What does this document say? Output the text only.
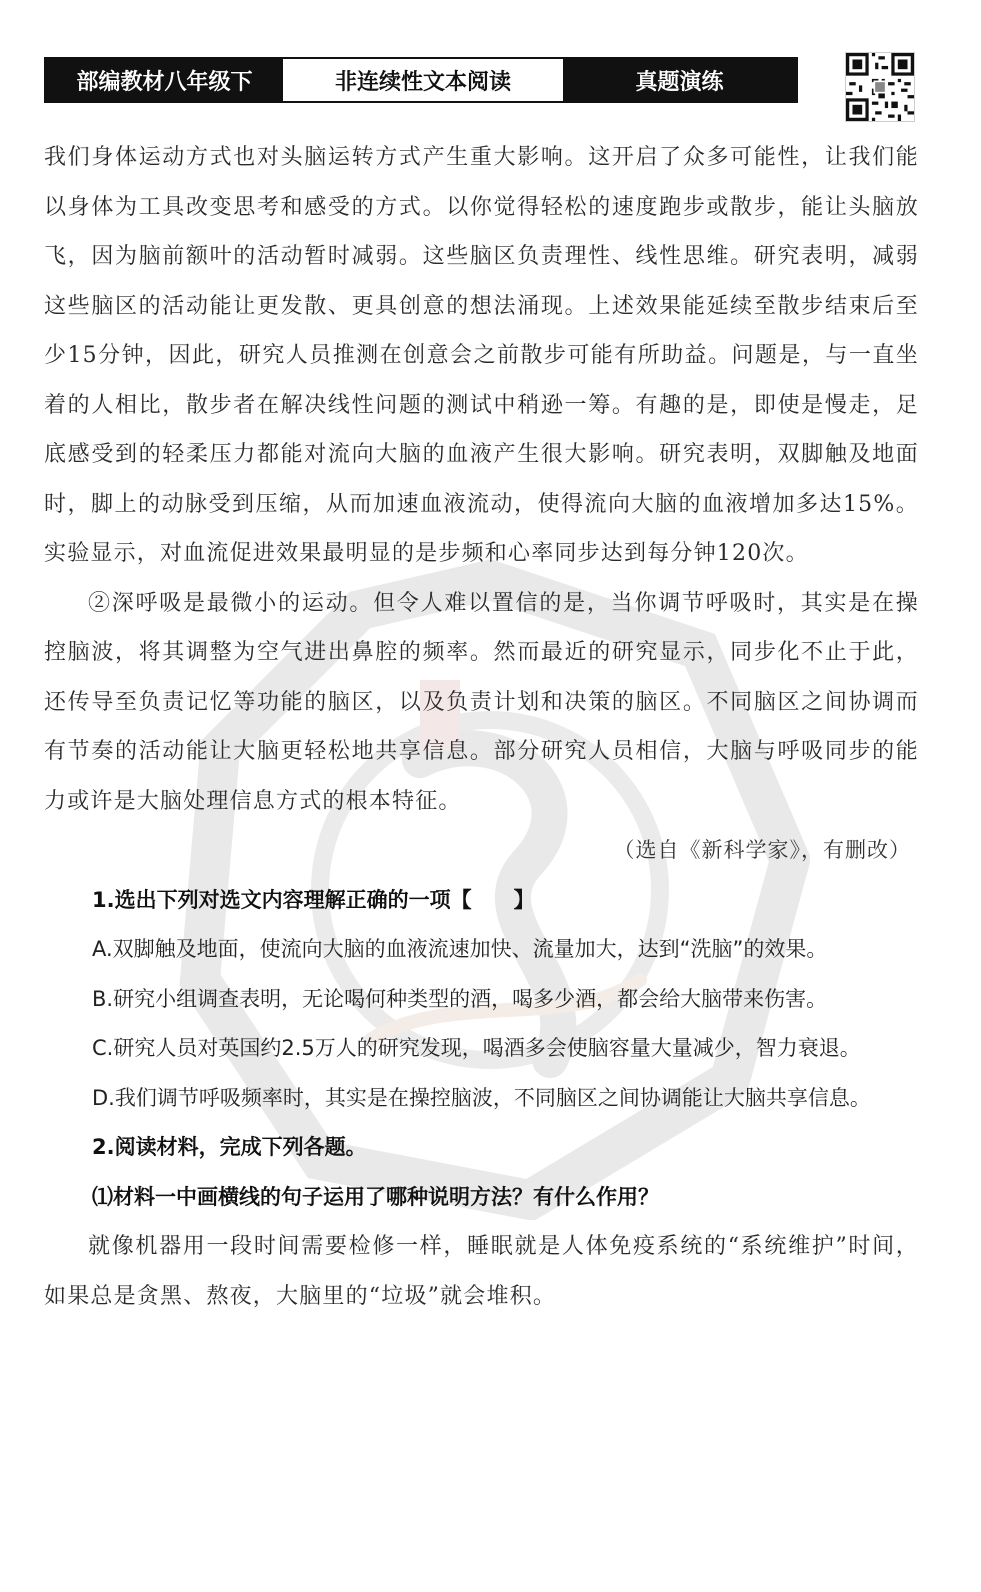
部编教材八年级下	非连续性文本阅读	真题演练

我们身体运动方式也对头脑运转方式产生重大影响。这开启了众多可能性，让我们能以身体为工具改变思考和感受的方式。以你觉得轻松的速度跑步或散步，能让头脑放飞，因为脑前额叶的活动暂时减弱。这些脑区负责理性、线性思维。研究表明，减弱这些脑区的活动能让更发散、更具创意的想法涌现。上述效果能延续至散步结束后至少15分钟，因此，研究人员推测在创意会之前散步可能有所助益。问题是，与一直坐着的人相比，散步者在解决线性问题的测试中稍逊一筹。有趣的是，即使是慢走，足底感受到的轻柔压力都能对流向大脑的血液产生很大影响。研究表明，双脚触及地面时，脚上的动脉受到压缩，从而加速血液流动，使得流向大脑的血液增加多达15%。实验显示，对血流促进效果最明显的是步频和心率同步达到每分钟120次。

②深呼吸是最微小的运动。但令人难以置信的是，当你调节呼吸时，其实是在操控脑波，将其调整为空气进出鼻腔的频率。然而最近的研究显示，同步化不止于此，还传导至负责记忆等功能的脑区，以及负责计划和决策的脑区。不同脑区之间协调而有节奏的活动能让大脑更轻松地共享信息。部分研究人员相信，大脑与呼吸同步的能力或许是大脑处理信息方式的根本特征。

（选自《新科学家》，有删改）

1.选出下列对选文内容理解正确的一项【　　】

A.双脚触及地面，使流向大脑的血液流速加快、流量加大，达到“洗脑”的效果。

B.研究小组调查表明，无论喝何种类型的酒，喝多少酒，都会给大脑带来伤害。

C.研究人员对英国约2.5万人的研究发现，喝酒多会使脑容量大量减少，智力衰退。

D.我们调节呼吸频率时，其实是在操控脑波，不同脑区之间协调能让大脑共享信息。

2.阅读材料，完成下列各题。

⑴材料一中画横线的句子运用了哪种说明方法？有什么作用？

就像机器用一段时间需要检修一样，睡眠就是人体免疫系统的“系统维护”时间，如果总是贪黑、熬夜，大脑里的“垃圾”就会堆积。
